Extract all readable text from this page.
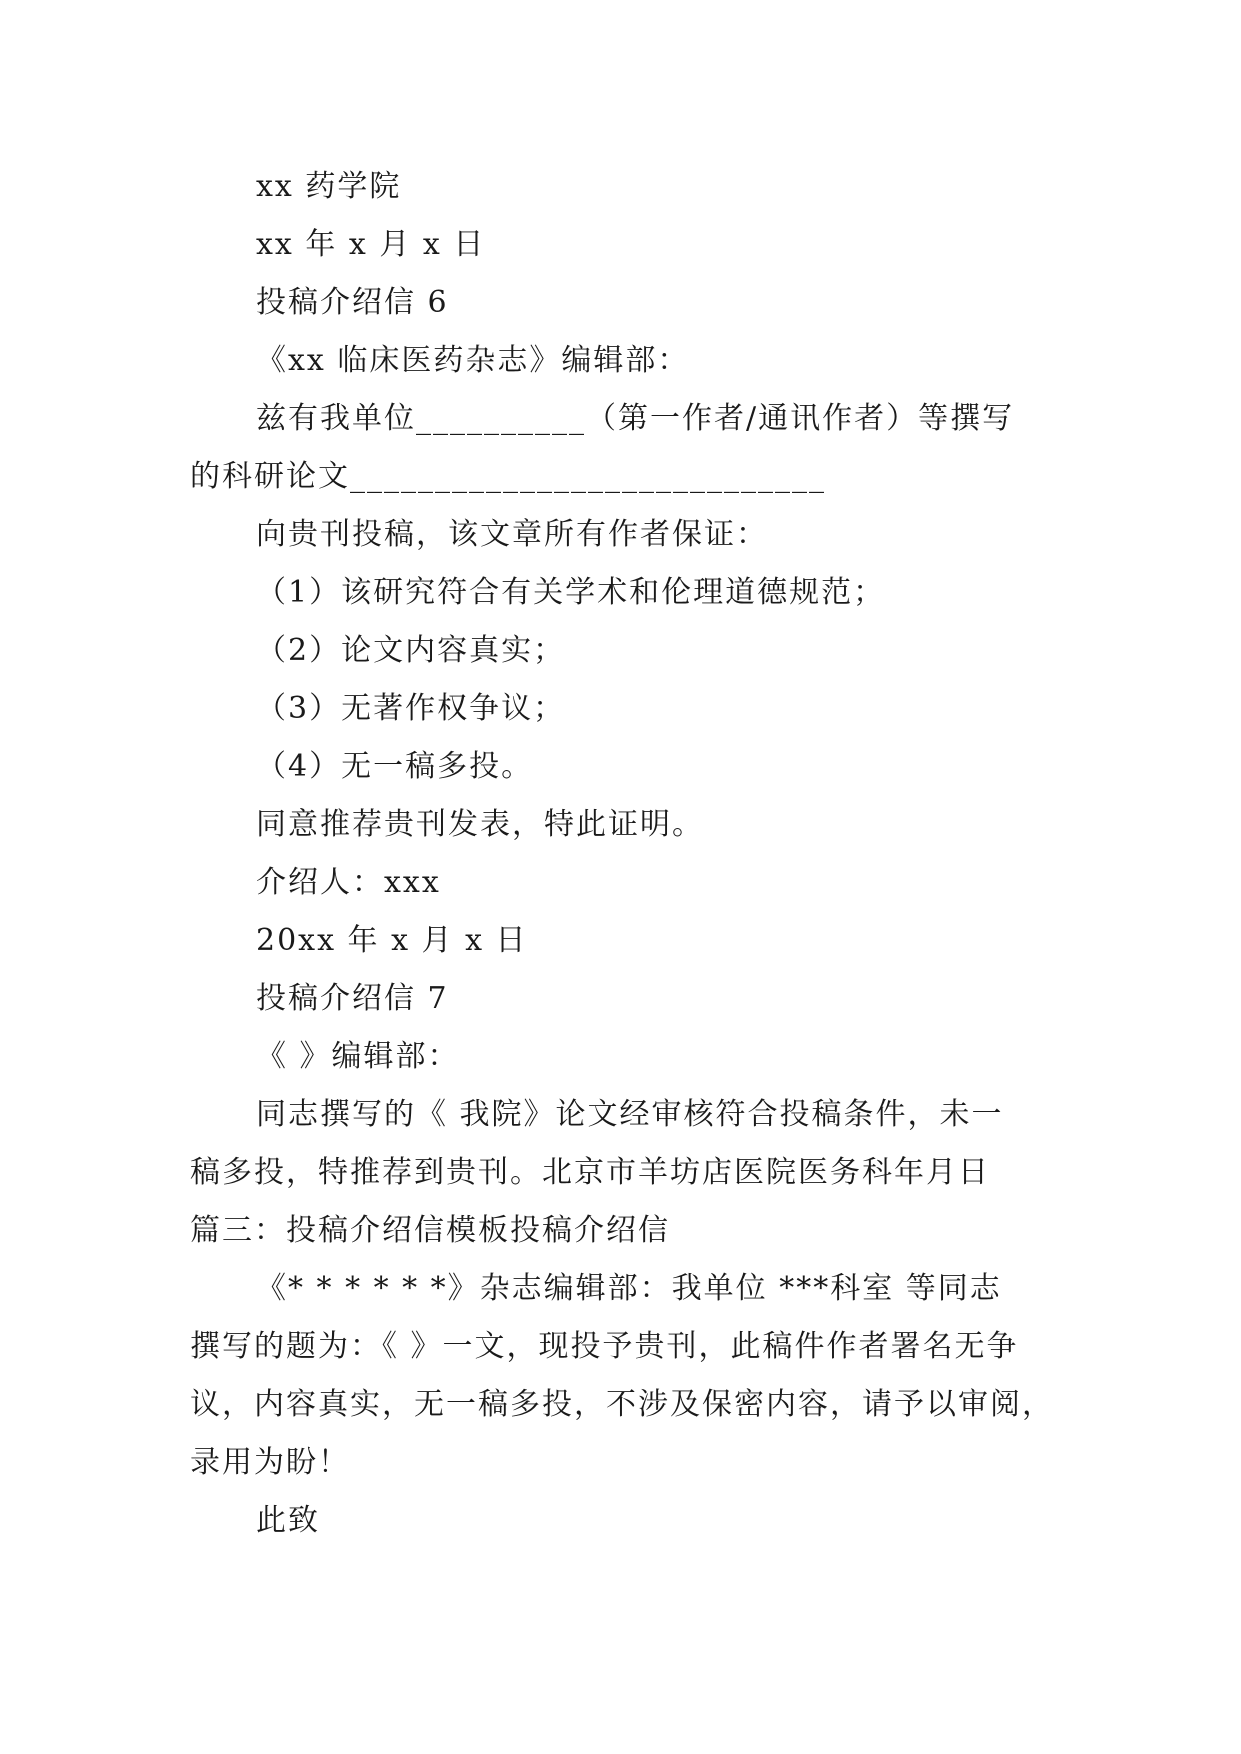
xx 药学院
xx 年 x 月 x 日
投稿介绍信 6
《xx 临床医药杂志》编辑部：
兹有我单位__________（第一作者/通讯作者）等撰写
的科研论文____________________________
向贵刊投稿，该文章所有作者保证：
（1）该研究符合有关学术和伦理道德规范；
（2）论文内容真实；
（3）无著作权争议；
（4）无一稿多投。
同意推荐贵刊发表，特此证明。
介绍人：xxx
20xx 年 x 月 x 日
投稿介绍信 7
《 》编辑部：
同志撰写的《 我院》论文经审核符合投稿条件，未一
稿多投，特推荐到贵刊。北京市羊坊店医院医务科年月日
篇三：投稿介绍信模板投稿介绍信
《* * * * * *》杂志编辑部：我单位 ***科室 等同志
撰写的题为：《 》一文，现投予贵刊，此稿件作者署名无争
议，内容真实，无一稿多投，不涉及保密内容，请予以审阅，
录用为盼！
此致
